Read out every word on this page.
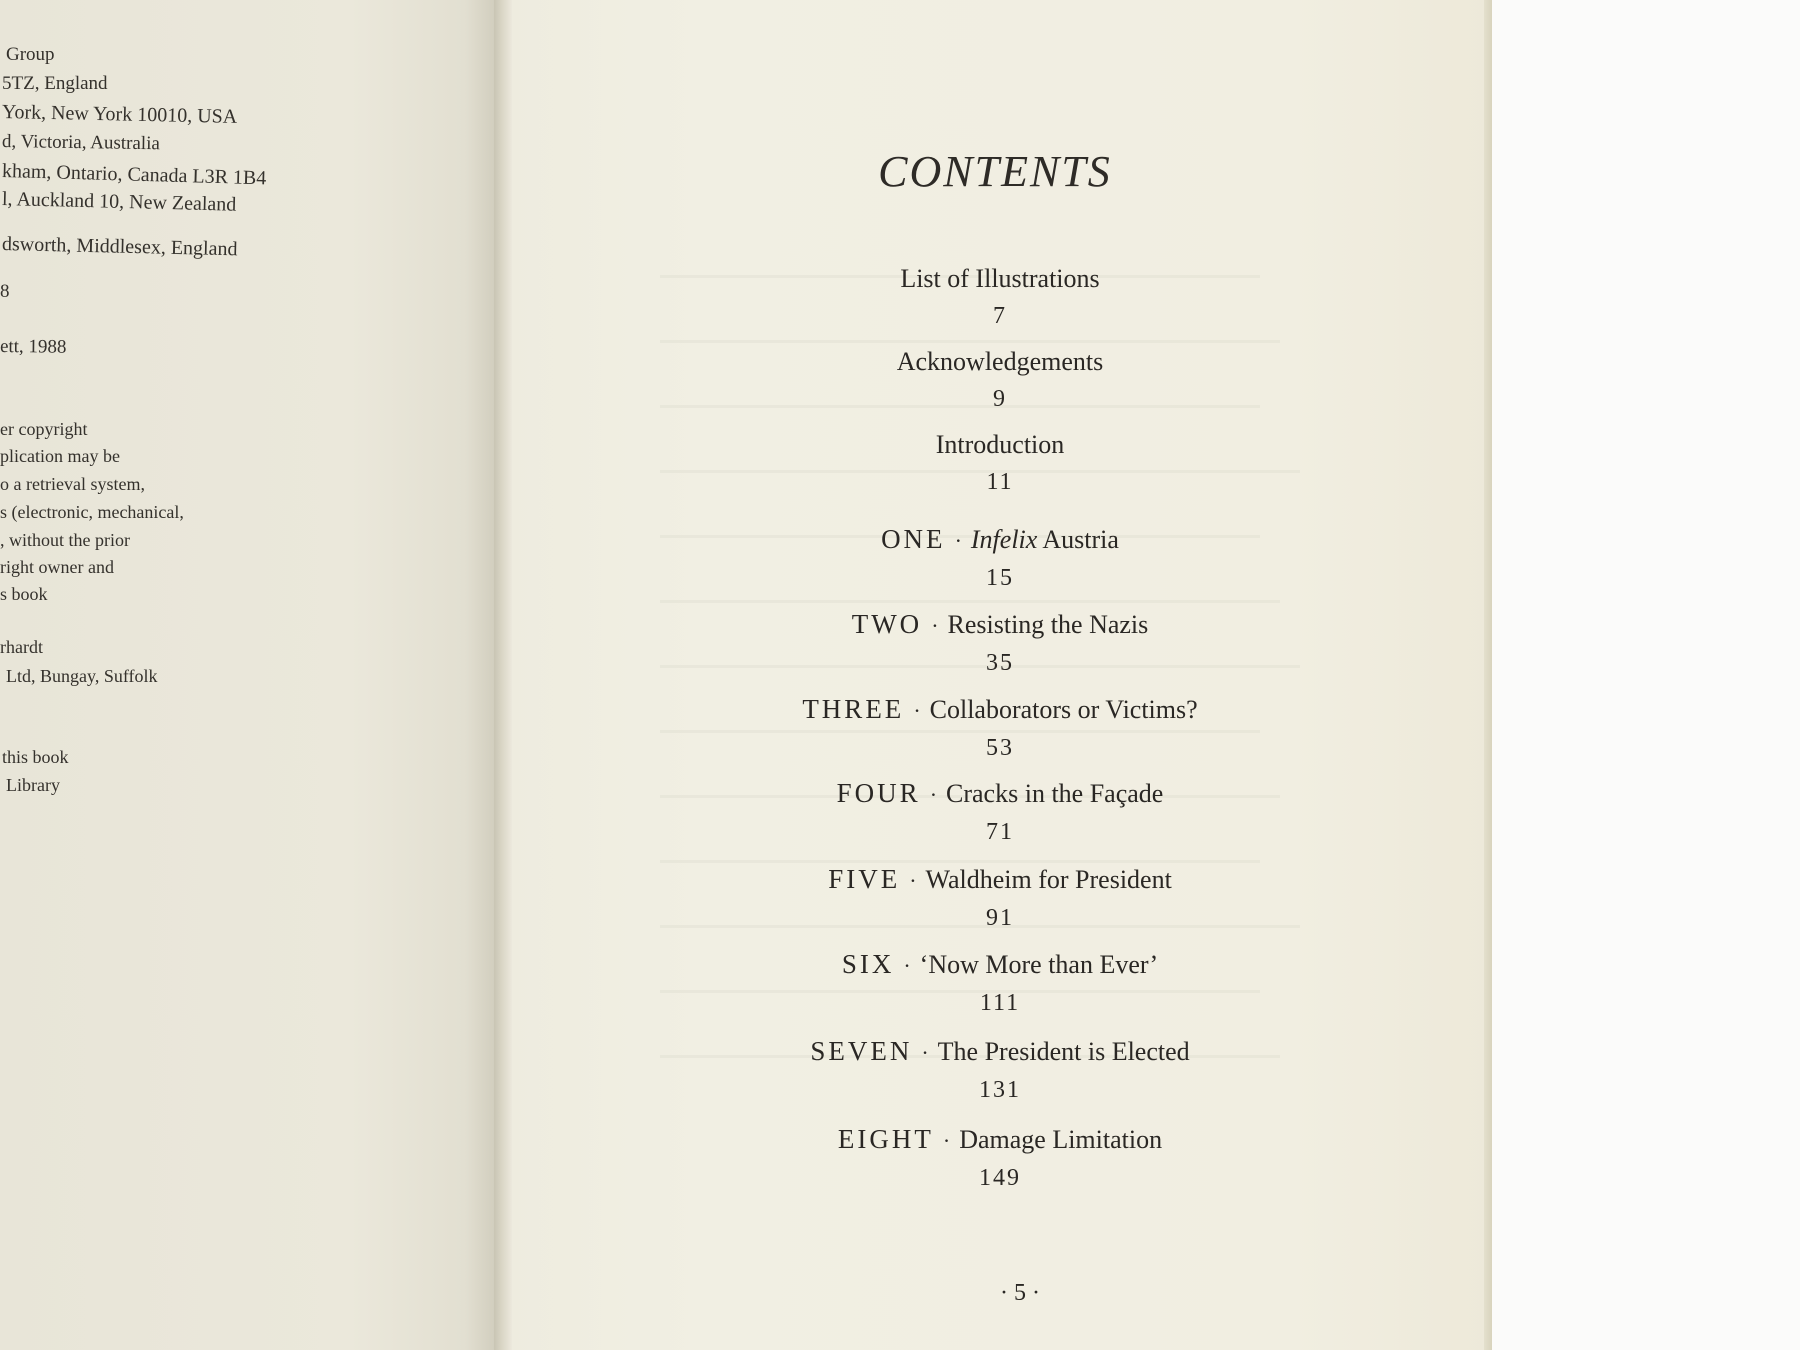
Group
5TZ, England
York, New York 10010, USA
d, Victoria, Australia
kham, Ontario, Canada L3R 1B4
l, Auckland 10, New Zealand
dsworth, Middlesex, England
8
ett, 1988
er copyright
plication may be
o a retrieval system,
s (electronic, mechanical,
, without the prior
right owner and
s book
rhardt
Ltd, Bungay, Suffolk
this book
Library
CONTENTS
List of Illustrations
7
Acknowledgements
9
Introduction
11
ONE · Infelix Austria
15
TWO · Resisting the Nazis
35
THREE · Collaborators or Victims?
53
FOUR · Cracks in the Façade
71
FIVE · Waldheim for President
91
SIX · ‘Now More than Ever’
111
SEVEN · The President is Elected
131
EIGHT · Damage Limitation
149
· 5 ·
